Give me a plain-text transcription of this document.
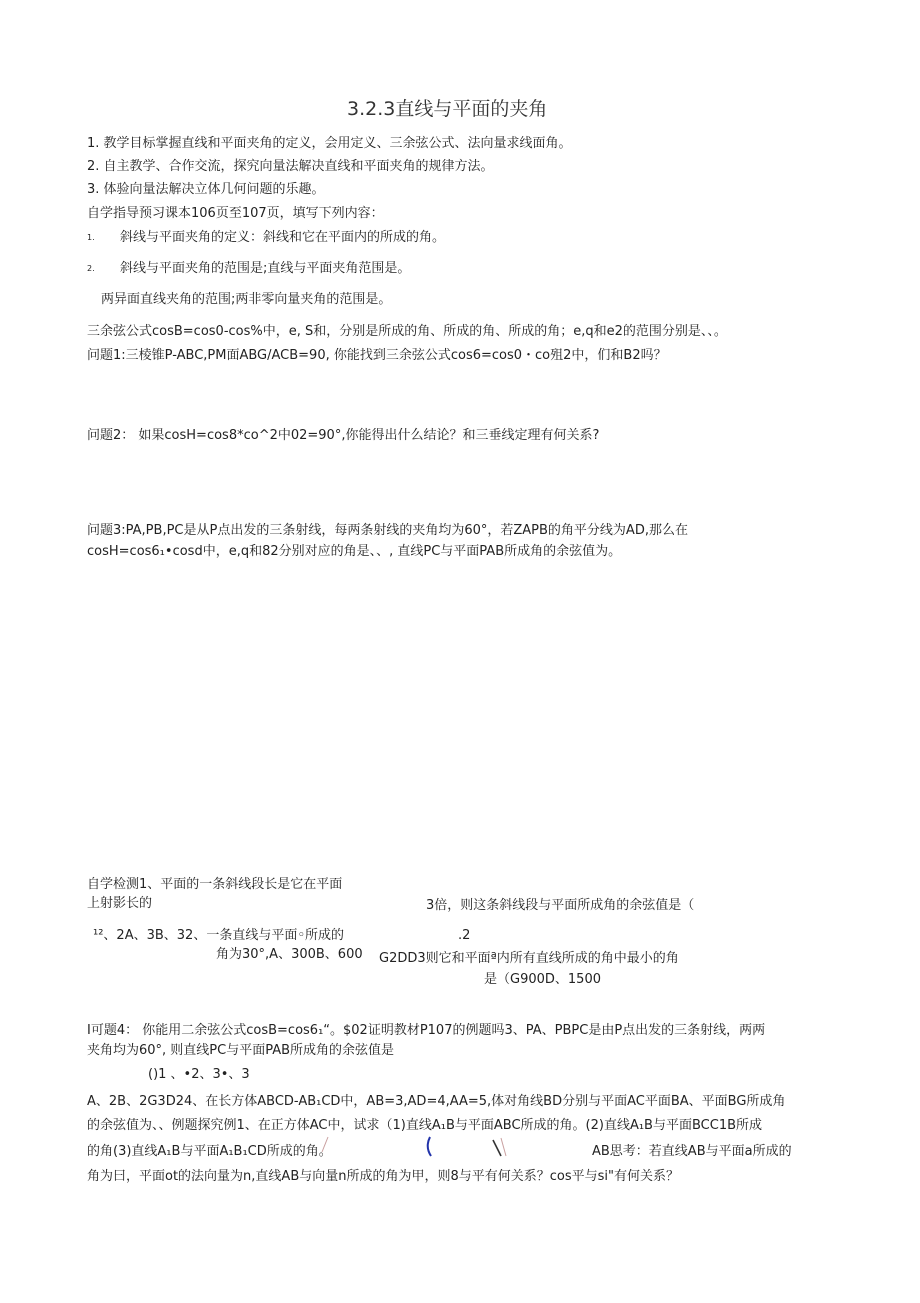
3.2.3直线与平面的夹角
1. 教学目标掌握直线和平面夹角的定义，会用定义、三余弦公式、法向量求线面角。
2. 自主教学、合作交流，探究向量法解决直线和平面夹角的规律方法。
3. 体验向量法解决立体几何问题的乐趣。
自学指导预习课本106页至107页，填写下列内容：
1. 斜线与平面夹角的定义：斜线和它在平面内的所成的角。
2. 斜线与平面夹角的范围是;直线与平面夹角范围是。
两异面直线夹角的范围;两非零向量夹角的范围是。
三余弦公式cosB=cos0-cos%中，e, S和，分别是所成的角、所成的角、所成的角；e,q和e2的范围分别是、、。
问题1:三棱锥P-ABC,PM面ABG/ACB=90, 你能找到三余弦公式cos6=cos0・co殂2中，们和B2吗？
问题2： 如果cosH=cos8*co^2中02=90°,你能得出什么结论？和三垂线定理有何关系?
问题3:PA,PB,PC是从P点出发的三条射线，每两条射线的夹角均为60°，若ZAPB的角平分线为AD,那么在
cosH=cos6₁•cosd中，e,q和82分别对应的角是、、, 直线PC与平面PAB所成角的余弦值为。
自学检测1、平面的一条斜线段长是它在平面
上射影长的	3倍，则这条斜线段与平面所成角的余弦值是（
¹²、2A、3B、32、一条直线与平面◦所成的	.2
角为30°,A、300B、600 G2DD3则它和平面ª内所有直线所成的角中最小的角
是（G900D、1500
I可题4： 你能用二余弦公式cosB=cos6₁“。$02证明教材P107的例题吗3、PA、PBPC是由P点出发的三条射线，两两
夹角均为60°, 则直线PC与平面PAB所成角的余弦值是
()1 、•2、3•、3
A、2B、2G3D24、在长方体ABCD-AB₁CD中，AB=3,AD=4,AA=5,体对角线BD分别与平面AC平面BA、平面BG所成角
的余弦值为、、例题探究例1、在正方体AC中，试求（1)直线A₁B与平面ABC所成的角。(2)直线A₁B与平面BCC1B所成
的角(3)直线A₁B与平面A₁B₁CD所成的角。	AB思考：若直线AB与平面a所成的
角为曰，平面ot的法向量为n,直线AB与向量n所成的角为甲，则8与平有何关系？cos平与si"有何关系？
